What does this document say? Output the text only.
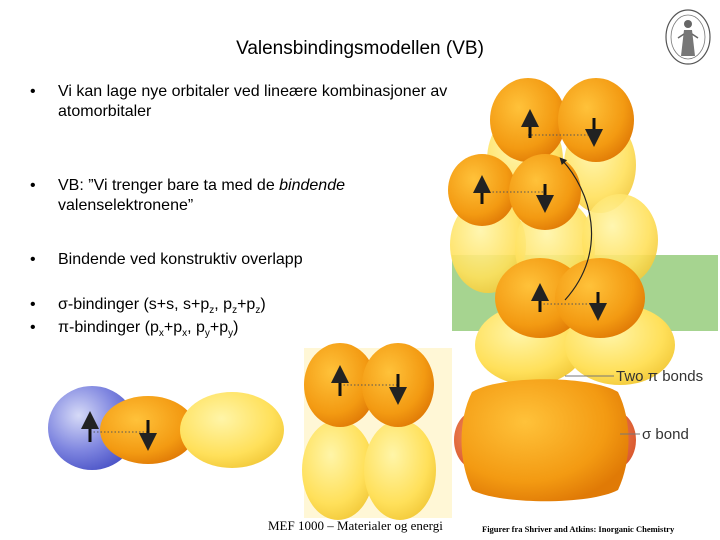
Valensbindingsmodellen (VB)
• Vi kan lage nye orbitaler ved lineære kombinasjoner av atomorbitaler
• VB: ”Vi trenger bare ta med de bindende valenselektronene”
• Bindende ved konstruktiv overlapp
• σ-bindinger (s+s, $s+p_z$, $p_z+p_z$)
• π-bindinger ($p_x+p_x$, $p_y+p_y$)
Two π bonds
σ bond
MEF 1000 – Materialer og energi	Figurer fra Shriver and Atkins: Inorganic Chemistry
